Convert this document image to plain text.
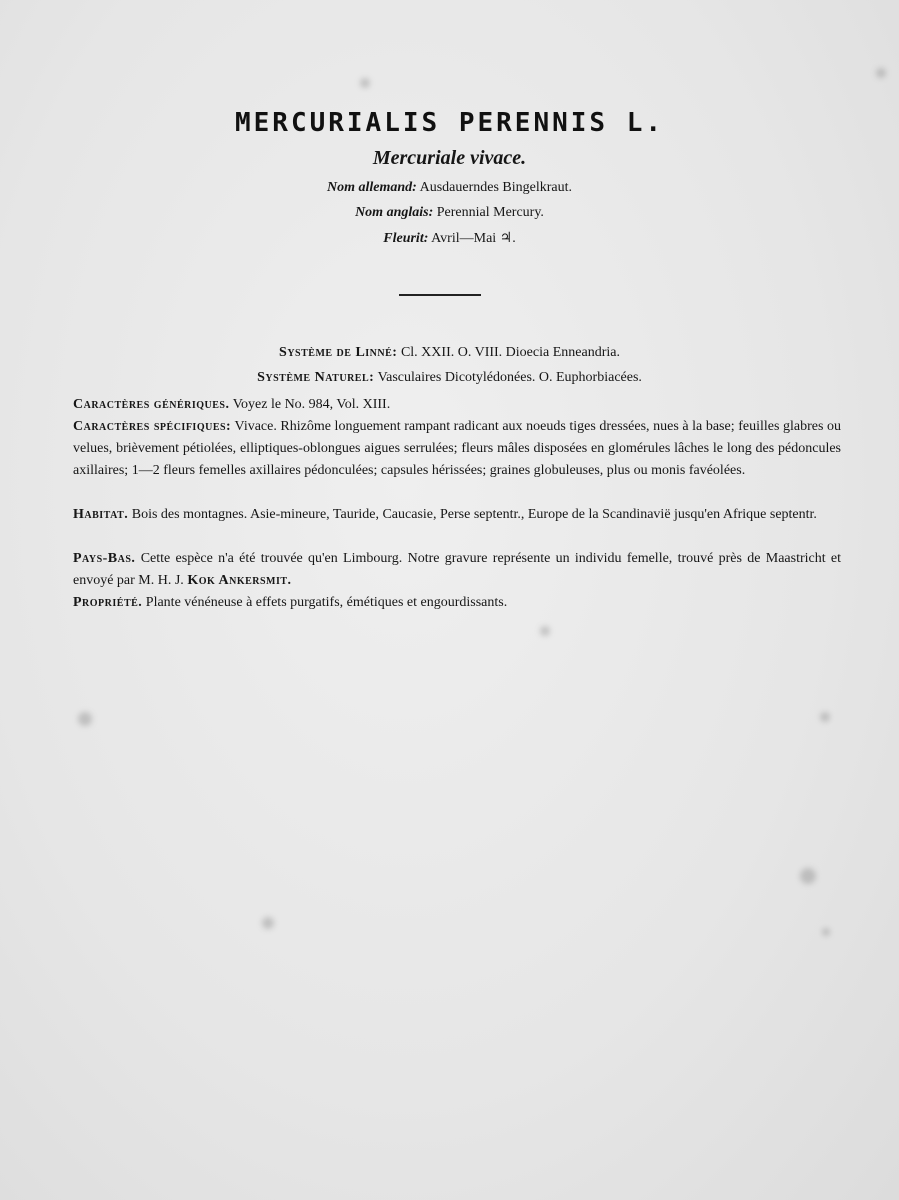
MERCURIALIS PERENNIS L.
Mercuriale vivace.
Nom allemand: Ausdauerndes Bingelkraut.
Nom anglais: Perennial Mercury.
Fleurit: Avril—Mai ♃.
Système de Linné: Cl. XXII. O. VIII. Dioecia Enneandria.
Système Naturel: Vasculaires Dicotylédonées. O. Euphorbiacées.
Caractères génériques. Voyez le No. 984, Vol. XIII.
Caractères spécifiques: Vivace. Rhizôme longuement rampant radicant aux noeuds tiges dressées, nues à la base; feuilles glabres ou velues, brièvement pétiolées, elliptiques-oblongues aigues serrulées; fleurs mâles disposées en glomérules lâches le long des pédoncules axillaires; 1—2 fleurs femelles axillaires pédonculées; capsules hérissées; graines globuleuses, plus ou monis favéolées.
Habitat. Bois des montagnes. Asie-mineure, Tauride, Caucasie, Perse septentr., Europe de la Scandinavië jusqu'en Afrique septentr.
Pays-Bas. Cette espèce n'a été trouvée qu'en Limbourg. Notre gravure représente un individu femelle, trouvé près de Maastricht et envoyé par M. H. J. Kok Ankersmit.
Propriété. Plante vénéneuse à effets purgatifs, émétiques et engourdissants.
